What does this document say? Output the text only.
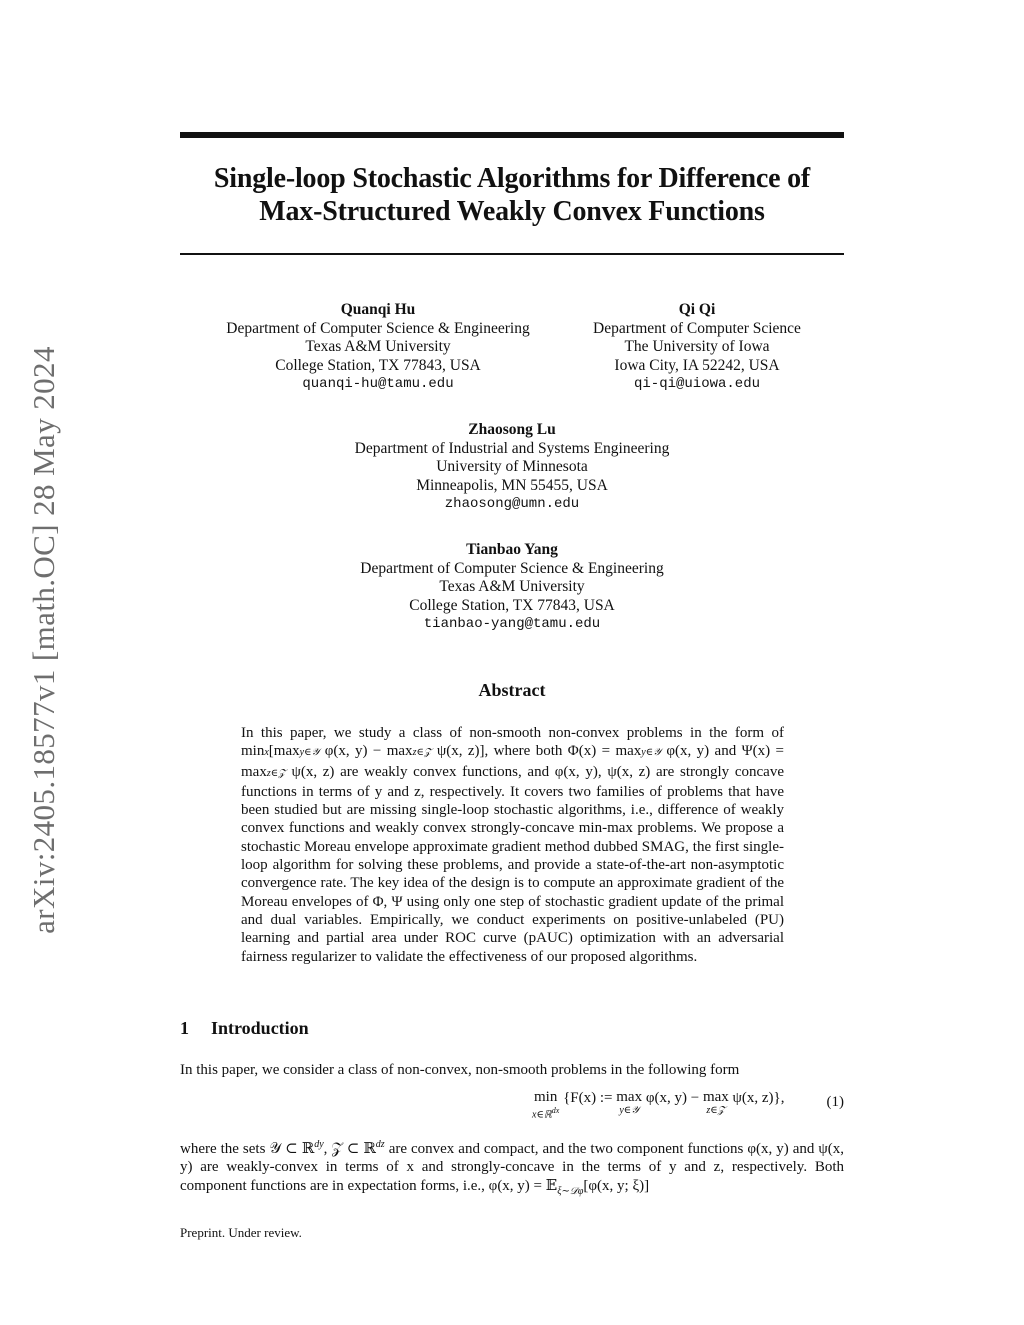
arXiv:2405.18577v1 [math.OC] 28 May 2024
Single-loop Stochastic Algorithms for Difference of Max-Structured Weakly Convex Functions
Quanqi Hu
Department of Computer Science & Engineering
Texas A&M University
College Station, TX 77843, USA
quanqi-hu@tamu.edu
Qi Qi
Department of Computer Science
The University of Iowa
Iowa City, IA 52242, USA
qi-qi@uiowa.edu
Zhaosong Lu
Department of Industrial and Systems Engineering
University of Minnesota
Minneapolis, MN 55455, USA
zhaosong@umn.edu
Tianbao Yang
Department of Computer Science & Engineering
Texas A&M University
College Station, TX 77843, USA
tianbao-yang@tamu.edu
Abstract
In this paper, we study a class of non-smooth non-convex problems in the form of minx[maxy∈𝒴 φ(x, y) − maxz∈𝒵 ψ(x, z)], where both Φ(x) = maxy∈𝒴 φ(x, y) and Ψ(x) = maxz∈𝒵 ψ(x, z) are weakly convex functions, and φ(x, y), ψ(x, z) are strongly concave functions in terms of y and z, respectively. It covers two families of problems that have been studied but are missing single-loop stochastic algorithms, i.e., difference of weakly convex functions and weakly convex strongly-concave min-max problems. We propose a stochastic Moreau envelope approximate gradient method dubbed SMAG, the first single-loop algorithm for solving these problems, and provide a state-of-the-art non-asymptotic convergence rate. The key idea of the design is to compute an approximate gradient of the Moreau envelopes of Φ, Ψ using only one step of stochastic gradient update of the primal and dual variables. Empirically, we conduct experiments on positive-unlabeled (PU) learning and partial area under ROC curve (pAUC) optimization with an adversarial fairness regularizer to validate the effectiveness of our proposed algorithms.
1 Introduction
In this paper, we consider a class of non-convex, non-smooth problems in the following form
min
x∈ℝ$^{dx}$
{F(x) := max
y∈𝒴
φ(x, y) − max
z∈𝒵
ψ(x, z)},	(1)
where the sets 𝒴 ⊂ ℝ$^{dy}$, 𝒵 ⊂ ℝ$^{dz}$ are convex and compact, and the two component functions φ(x, y) and ψ(x, y) are weakly-convex in terms of x and strongly-concave in the terms of y and z, respectively. Both component functions are in expectation forms, i.e., φ(x, y) = 𝔼$_{\xi\sim 𝒟\varphi}$[φ(x, y; ξ)]
Preprint. Under review.
